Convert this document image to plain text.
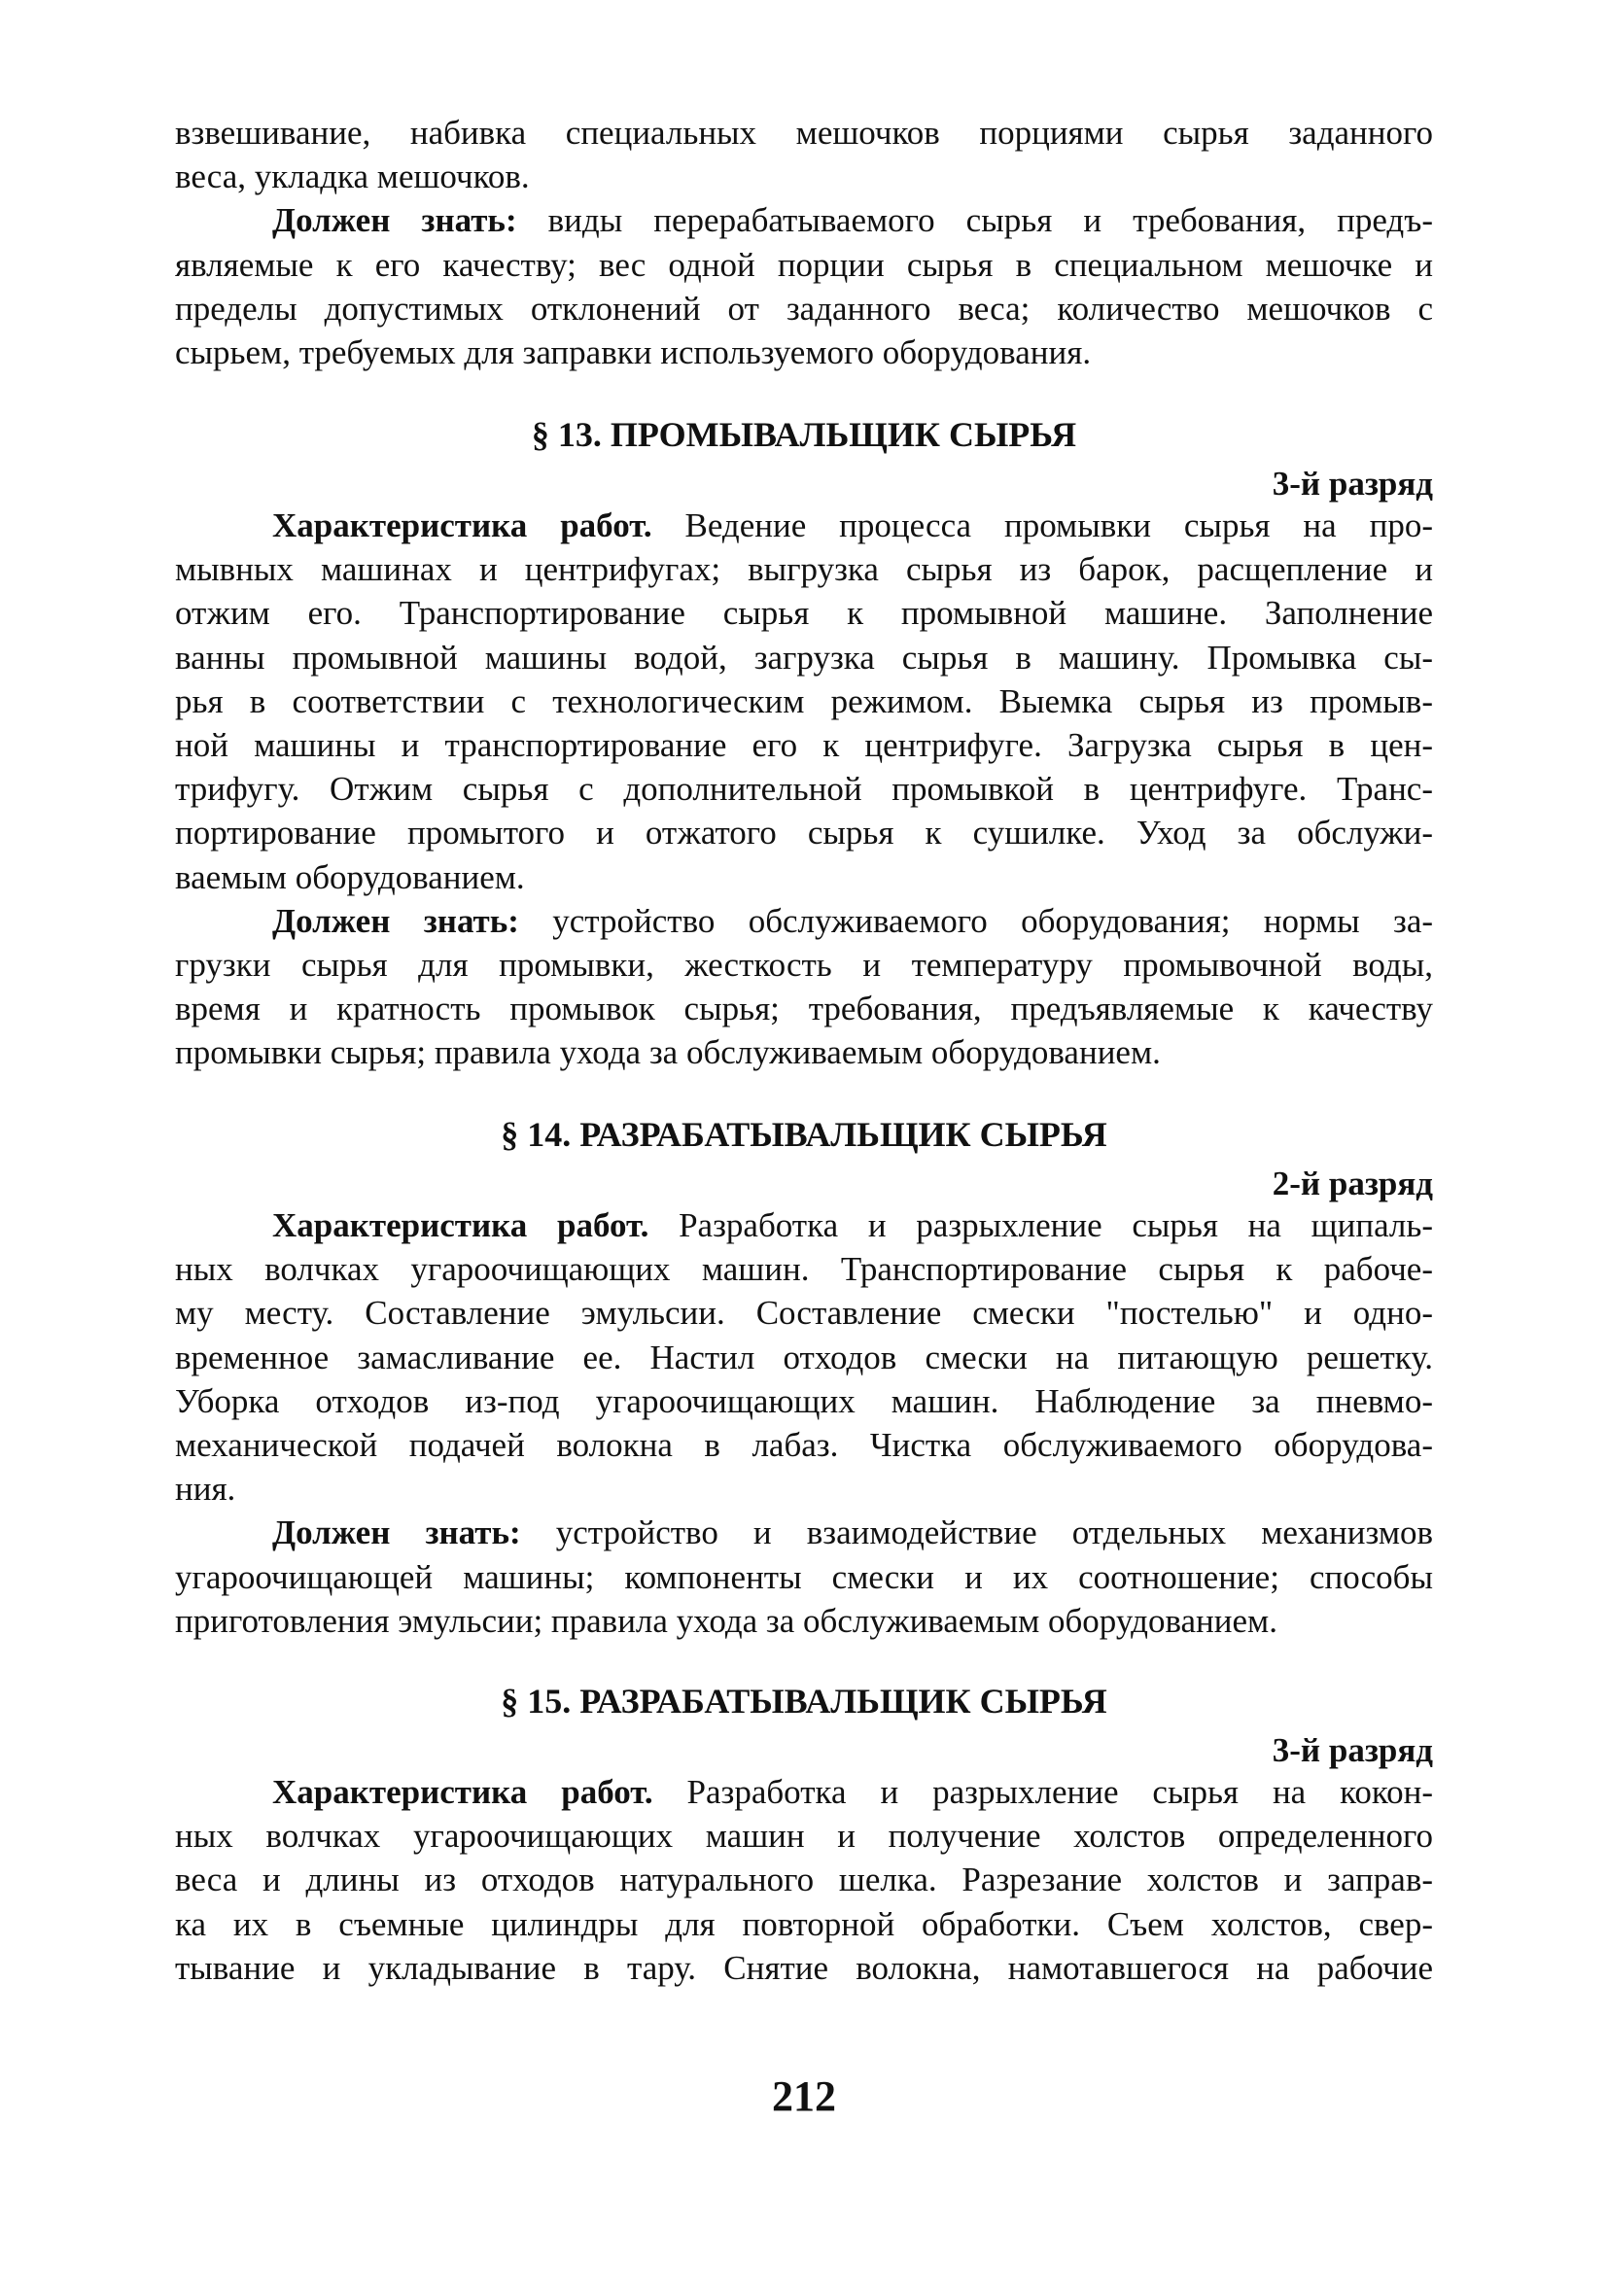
взвешивание, набивка специальных мешочков порциями сырья заданного
веса, укладка мешочков.
Должен знать: виды перерабатываемого сырья и требования, предъ-
являемые к его качеству; вес одной порции сырья в специальном мешочке и
пределы допустимых отклонений от заданного веса; количество мешочков с
сырьем, требуемых для заправки используемого оборудования.
§ 13. ПРОМЫВАЛЬЩИК СЫРЬЯ
3-й разряд
Характеристика работ. Ведение процесса промывки сырья на про-
мывных машинах и центрифугах; выгрузка сырья из барок, расщепление и
отжим его. Транспортирование сырья к промывной машине. Заполнение
ванны промывной машины водой, загрузка сырья в машину. Промывка сы-
рья в соответствии с технологическим режимом. Выемка сырья из промыв-
ной машины и транспортирование его к центрифуге. Загрузка сырья в цен-
трифугу. Отжим сырья с дополнительной промывкой в центрифуге. Транс-
портирование промытого и отжатого сырья к сушилке. Уход за обслужи-
ваемым оборудованием.
Должен знать: устройство обслуживаемого оборудования; нормы за-
грузки сырья для промывки, жесткость и температуру промывочной воды,
время и кратность промывок сырья; требования, предъявляемые к качеству
промывки сырья; правила ухода за обслуживаемым оборудованием.
§ 14. РАЗРАБАТЫВАЛЬЩИК СЫРЬЯ
2-й разряд
Характеристика работ. Разработка и разрыхление сырья на щипаль-
ных волчках угароочищающих машин. Транспортирование сырья к рабоче-
му месту. Составление эмульсии. Составление смески "постелью" и одно-
временное замасливание ее. Настил отходов смески на питающую решетку.
Уборка отходов из-под угароочищающих машин. Наблюдение за пневмо-
механической подачей волокна в лабаз. Чистка обслуживаемого оборудова-
ния.
Должен знать: устройство и взаимодействие отдельных механизмов
угароочищающей машины; компоненты смески и их соотношение; способы
приготовления эмульсии; правила ухода за обслуживаемым оборудованием.
§ 15. РАЗРАБАТЫВАЛЬЩИК СЫРЬЯ
3-й разряд
Характеристика работ. Разработка и разрыхление сырья на кокон-
ных волчках угароочищающих машин и получение холстов определенного
веса и длины из отходов натурального шелка. Разрезание холстов и заправ-
ка их в съемные цилиндры для повторной обработки. Съем холстов, свер-
тывание и укладывание в тару. Снятие волокна, намотавшегося на рабочие
212
